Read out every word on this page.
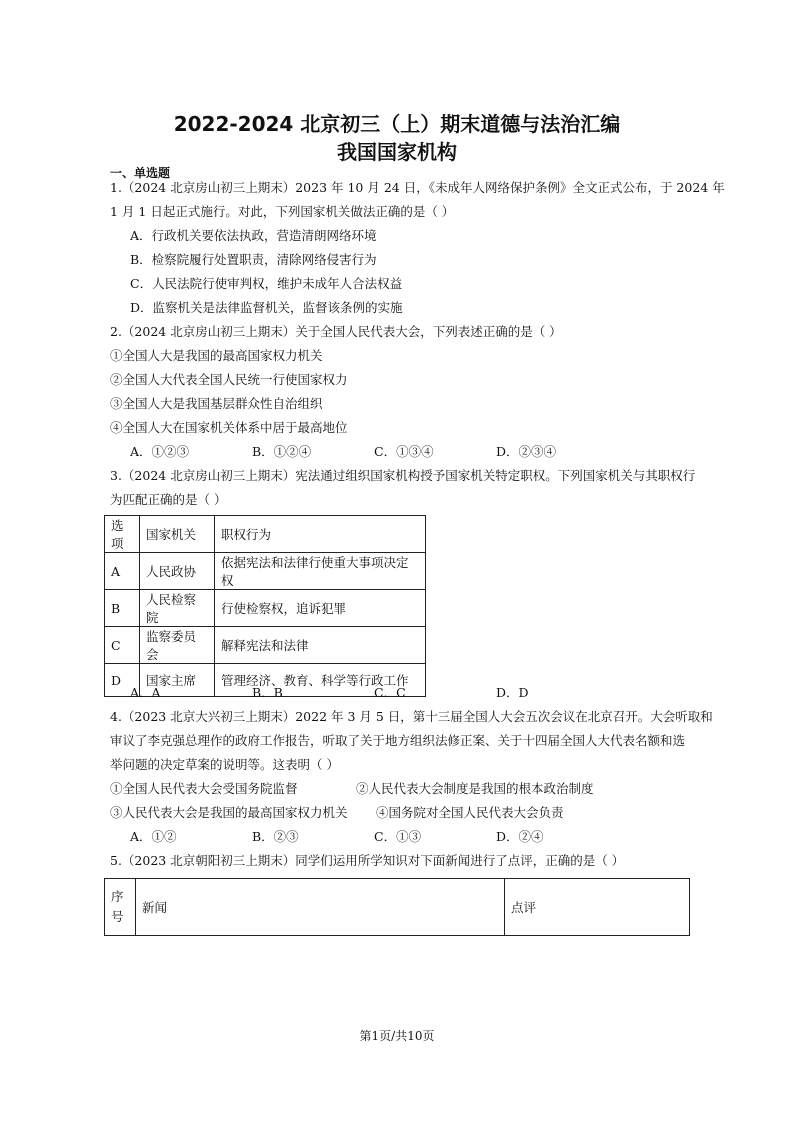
2022-2024 北京初三（上）期末道德与法治汇编
我国国家机构
一、单选题
1.（2024 北京房山初三上期末）2023 年 10 月 24 日，《未成年人网络保护条例》全文正式公布，于 2024 年
1 月 1 日起正式施行。对此，下列国家机关做法正确的是（ ）
A．行政机关要依法执政，营造清朗网络环境
B．检察院履行处置职责，清除网络侵害行为
C．人民法院行使审判权，维护未成年人合法权益
D．监察机关是法律监督机关，监督该条例的实施
2.（2024 北京房山初三上期末）关于全国人民代表大会，下列表述正确的是（ ）
①全国人大是我国的最高国家权力机关
②全国人大代表全国人民统一行使国家权力
③全国人大是我国基层群众性自治组织
④全国人大在国家机关体系中居于最高地位
A．①②③	B．①②④	C．①③④	D．②③④
3.（2024 北京房山初三上期末）宪法通过组织国家机构授予国家机关特定职权。下列国家机关与其职权行
为匹配正确的是（ ）
选项	国家机关	职权行为
A	人民政协	依据宪法和法律行使重大事项决定权
B	人民检察院	行使检察权，追诉犯罪
C	监察委员会	解释宪法和法律
D	国家主席	管理经济、教育、科学等行政工作
A．A	B．B	C．C	D．D
4.（2023 北京大兴初三上期末）2022 年 3 月 5 日，第十三届全国人大会五次会议在北京召开。大会听取和
审议了李克强总理作的政府工作报告，听取了关于地方组织法修正案、关于十四届全国人大代表名额和选
举问题的决定草案的说明等。这表明（ ）
①全国人民代表大会受国务院监督	②人民代表大会制度是我国的根本政治制度
③人民代表大会是我国的最高国家权力机关 ④国务院对全国人民代表大会负责
A．①②	B．②③	C．①③	D．②④
5.（2023 北京朝阳初三上期末）同学们运用所学知识对下面新闻进行了点评，正确的是（ ）
序
号	新闻	点评
第1页/共10页
